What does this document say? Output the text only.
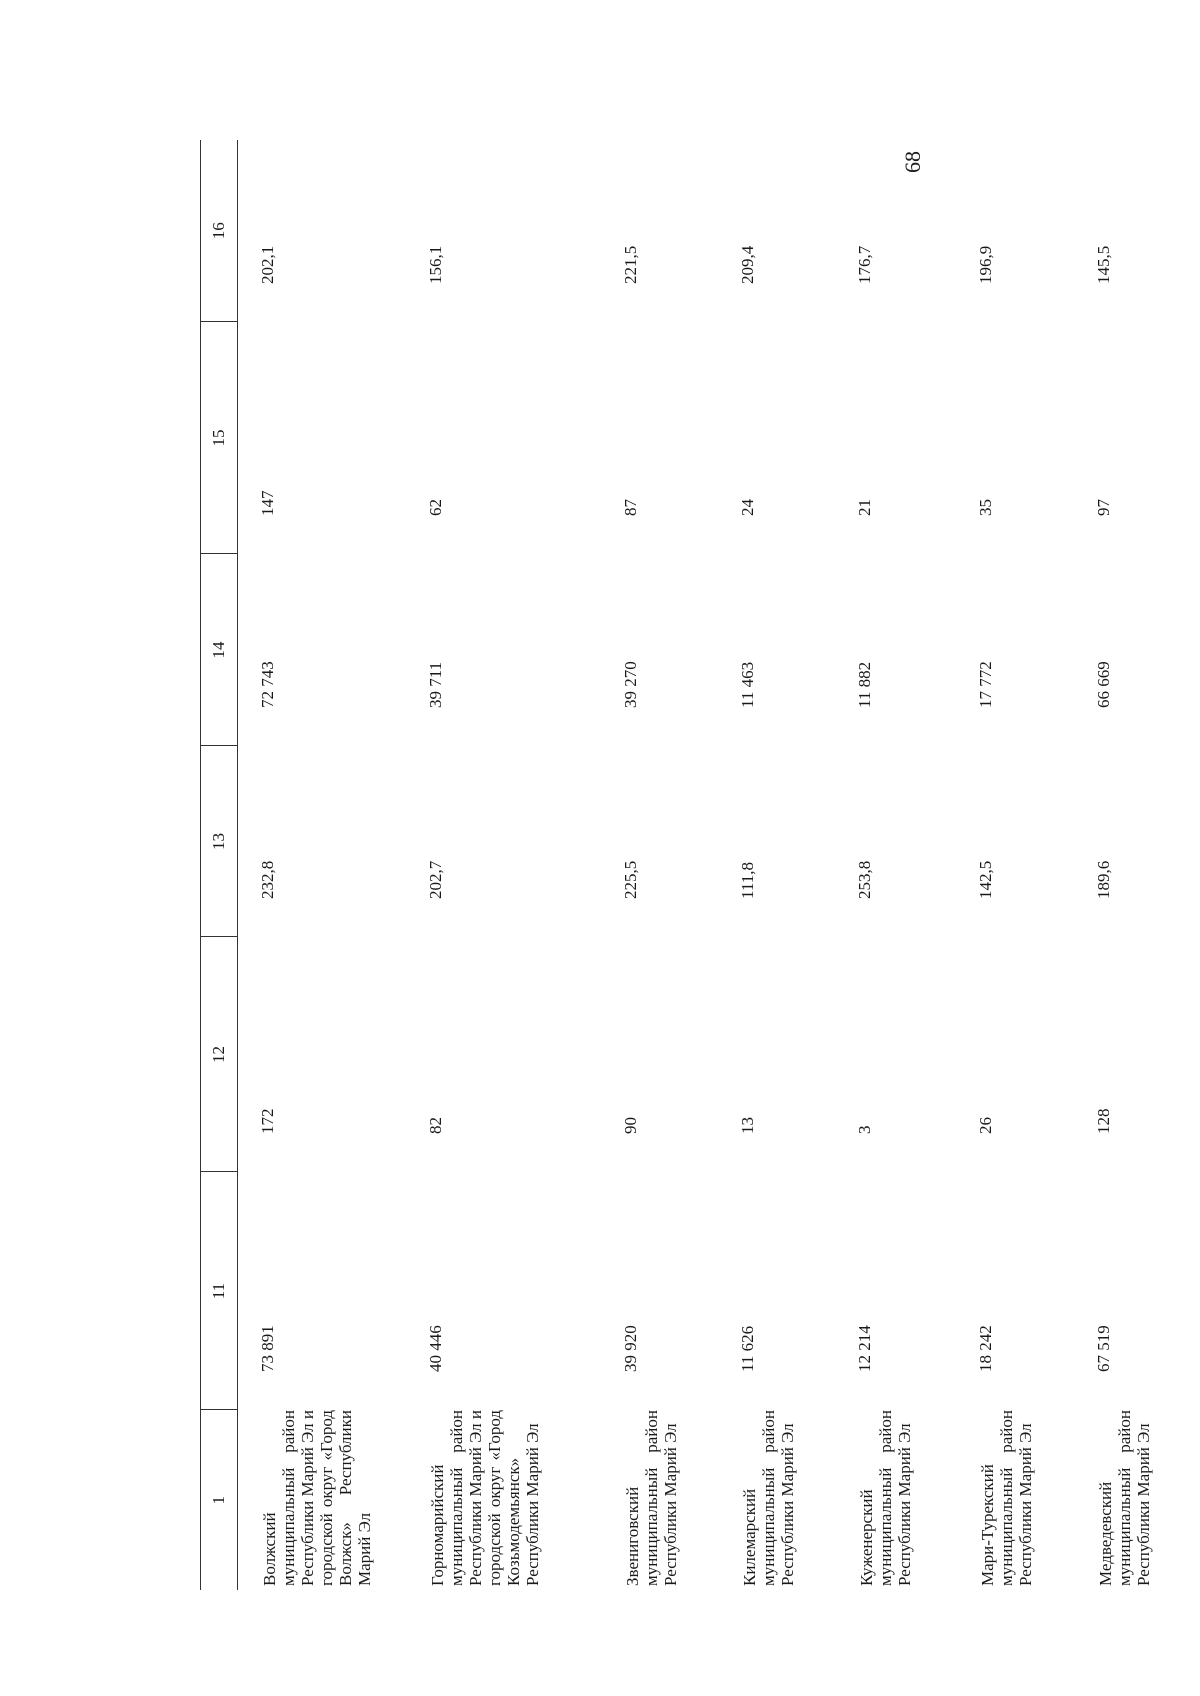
68
1	11	12	13	14	15	16
Волжский муниципальный район Республики Марий Эл и городской округ «Город Волжск» Республики Марий Эл	73 891	172	232,8	72 743	147	202,1
Горномарийский муниципальный район Республики Марий Эл и городской округ «Город Козьмодемьянск» Республики Марий Эл	40 446	82	202,7	39 711	62	156,1
Звениговский муниципальный район Республики Марий Эл	39 920	90	225,5	39 270	87	221,5
Килемарский муниципальный район Республики Марий Эл	11 626	13	111,8	11 463	24	209,4
Куженерский муниципальный район Республики Марий Эл	12 214	3	253,8	11 882	21	176,7
Мари-Турекский муниципальный район Республики Марий Эл	18 242	26	142,5	17 772	35	196,9
Медведевский муниципальный район Республики Марий Эл	67 519	128	189,6	66 669	97	145,5
